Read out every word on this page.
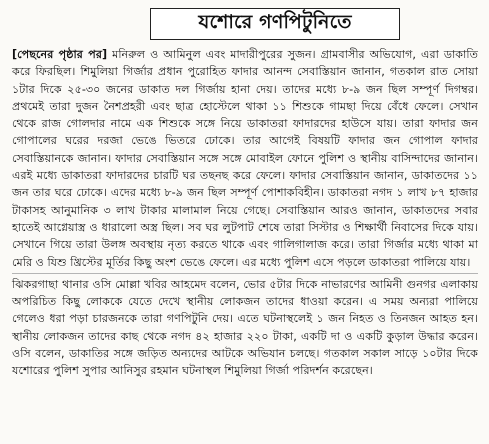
যশোরে গণপিটুনিতে

[পেছনের পৃষ্ঠার পর] মনিরুল ও আমিনুল এবং মাদারীপুরের সুজন। গ্রামবাসীর অভিযোগ, এরা ডাকাতি করে ফিরছিল। শিমুলিয়া গির্জার প্রধান পুরোহিত ফাদার আনন্দ সেবাস্তিয়ান জানান, গতকাল রাত সোয়া ১টার দিকে ২৫-৩০ জনের ডাকাত দল গির্জায় হানা দেয়। তাদের মধ্যে ৮-৯ জন ছিল সম্পূর্ণ দিগম্বর। প্রথমেই তারা দুজন নৈশপ্রহরী এবং ছাত্র হোস্টেলে থাকা ১১ শিশুকে গামছা দিয়ে বেঁধে ফেলে। সেখান থেকে রাজ গোলদার নামে এক শিশুকে সঙ্গে নিয়ে ডাকাতরা ফাদারদের হাউসে যায়। তারা ফাদার জন গোপালের ঘরের দরজা ভেঙে ভিতরে ঢোকে। তার আগেই বিষয়টি ফাদার জন গোপাল ফাদার সেবাস্তিয়ানকে জানান। ফাদার সেবাস্তিয়ান সঙ্গে সঙ্গে মোবাইল ফোনে পুলিশ ও স্থানীয় বাসিন্দাদের জানান। এরই মধ্যে ডাকাতরা ফাদারদের চারটি ঘর তছনছ করে ফেলে। ফাদার সেবাস্তিয়ান জানান, ডাকাতদের ১১ জন তার ঘরে ঢোকে। এদের মধ্যে ৮-৯ জন ছিল সম্পূর্ণ পোশাকবিহীন। ডাকাতরা নগদ ১ লাখ ৮৭ হাজার টাকাসহ আনুমানিক ৩ লাখ টাকার মালামাল নিয়ে গেছে। সেবাস্তিয়ান আরও জানান, ডাকাতদের সবার হাতেই আগ্নেয়াস্ত্র ও ধারালো অস্ত্র ছিল। সব ঘর লুটপাট শেষে তারা সিস্টার ও শিক্ষার্থী নিবাসের দিকে যায়। সেখানে গিয়ে তারা উলঙ্গ অবস্থায় নৃত্য করতে থাকে এবং গালিগালাজ করে। তারা গির্জার মধ্যে থাকা মা মেরি ও যিশু খ্রিস্টের মূর্তির কিছু অংশ ভেঙে ফেলে। এর মধ্যে পুলিশ এসে পড়লে ডাকাতরা পালিয়ে যায়।

ঝিকরগাছা থানার ওসি মোল্লা খবির আহমেদ বলেন, ভোর ৫টার দিকে নাভারণের আমিনী গুনগর এলাকায় অপরিচিত কিছু লোককে যেতে দেখে স্থানীয় লোকজন তাদের ধাওয়া করেন। এ সময় অন্যরা পালিয়ে গেলেও ধরা পড়া চারজনকে তারা গণপিটুনি দেয়। এতে ঘটনাস্থলেই ১ জন নিহত ও তিনজন আহত হন। স্থানীয় লোকজন তাদের কাছ থেকে নগদ ৪২ হাজার ২২০ টাকা, একটি দা ও একটি কুড়াল উদ্ধার করেন। ওসি বলেন, ডাকাতির সঙ্গে জড়িত অন্যদের আটকে অভিযান চলছে। গতকাল সকাল সাড়ে ১০টার দিকে যশোরের পুলিশ সুপার আনিসুর রহমান ঘটনাস্থল শিমুলিয়া গির্জা পরিদর্শন করেছেন।
